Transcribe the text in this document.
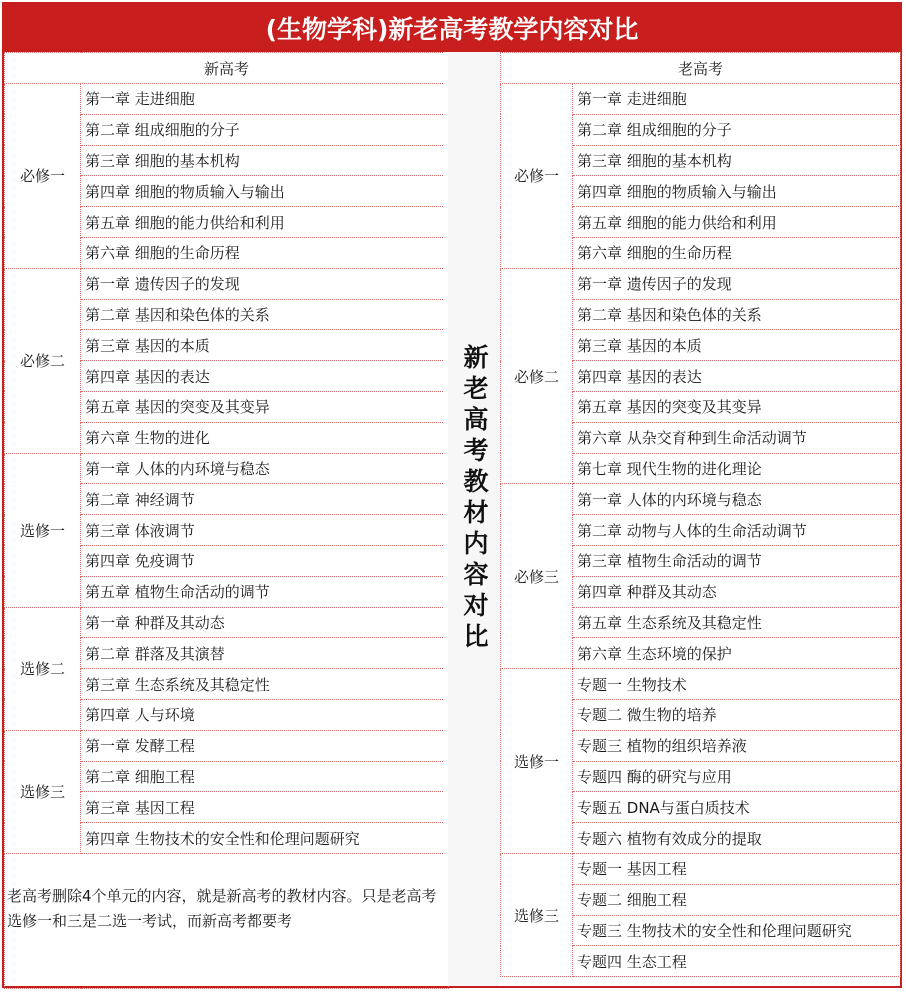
(生物学科)新老高考教学内容对比
新高考	
必修一	第一章 走进细胞
	第二章 组成细胞的分子
	第三章 细胞的基本机构
	第四章 细胞的物质输入与输出
	第五章 细胞的能力供给和利用
	第六章 细胞的生命历程
必修二	第一章 遗传因子的发现
	第二章 基因和染色体的关系
	第三章 基因的本质
	第四章 基因的表达
	第五章 基因的突变及其变异
	第六章 生物的进化
选修一	第一章 人体的内环境与稳态
	第二章 神经调节
	第三章 体液调节
	第四章 免疫调节
	第五章 植物生命活动的调节
选修二	第一章 种群及其动态
	第二章 群落及其演替
	第三章 生态系统及其稳定性
	第四章 人与环境
选修三	第一章 发酵工程
	第二章 细胞工程
	第三章 基因工程
	第四章 生物技术的安全性和伦理问题研究
老高考删除4个单元的内容，就是新高考的教材内容。只是老高考选修一和三是二选一考试，而新高考都要考	
新老高考教材内容对比
老高考	
必修一	第一章 走进细胞
	第二章 组成细胞的分子
	第三章 细胞的基本机构
	第四章 细胞的物质输入与输出
	第五章 细胞的能力供给和利用
	第六章 细胞的生命历程
必修二	第一章 遗传因子的发现
	第二章 基因和染色体的关系
	第三章 基因的本质
	第四章 基因的表达
	第五章 基因的突变及其变异
	第六章 从杂交育种到生命活动调节
	第七章 现代生物的进化理论
必修三	第一章 人体的内环境与稳态
	第二章 动物与人体的生命活动调节
	第三章 植物生命活动的调节
	第四章 种群及其动态
	第五章 生态系统及其稳定性
	第六章 生态环境的保护
选修一	专题一 生物技术
	专题二 微生物的培养
	专题三 植物的组织培养液
	专题四 酶的研究与应用
	专题五 DNA与蛋白质技术
	专题六 植物有效成分的提取
选修三	专题一 基因工程
	专题二 细胞工程
	专题三 生物技术的安全性和伦理问题研究
	专题四 生态工程
